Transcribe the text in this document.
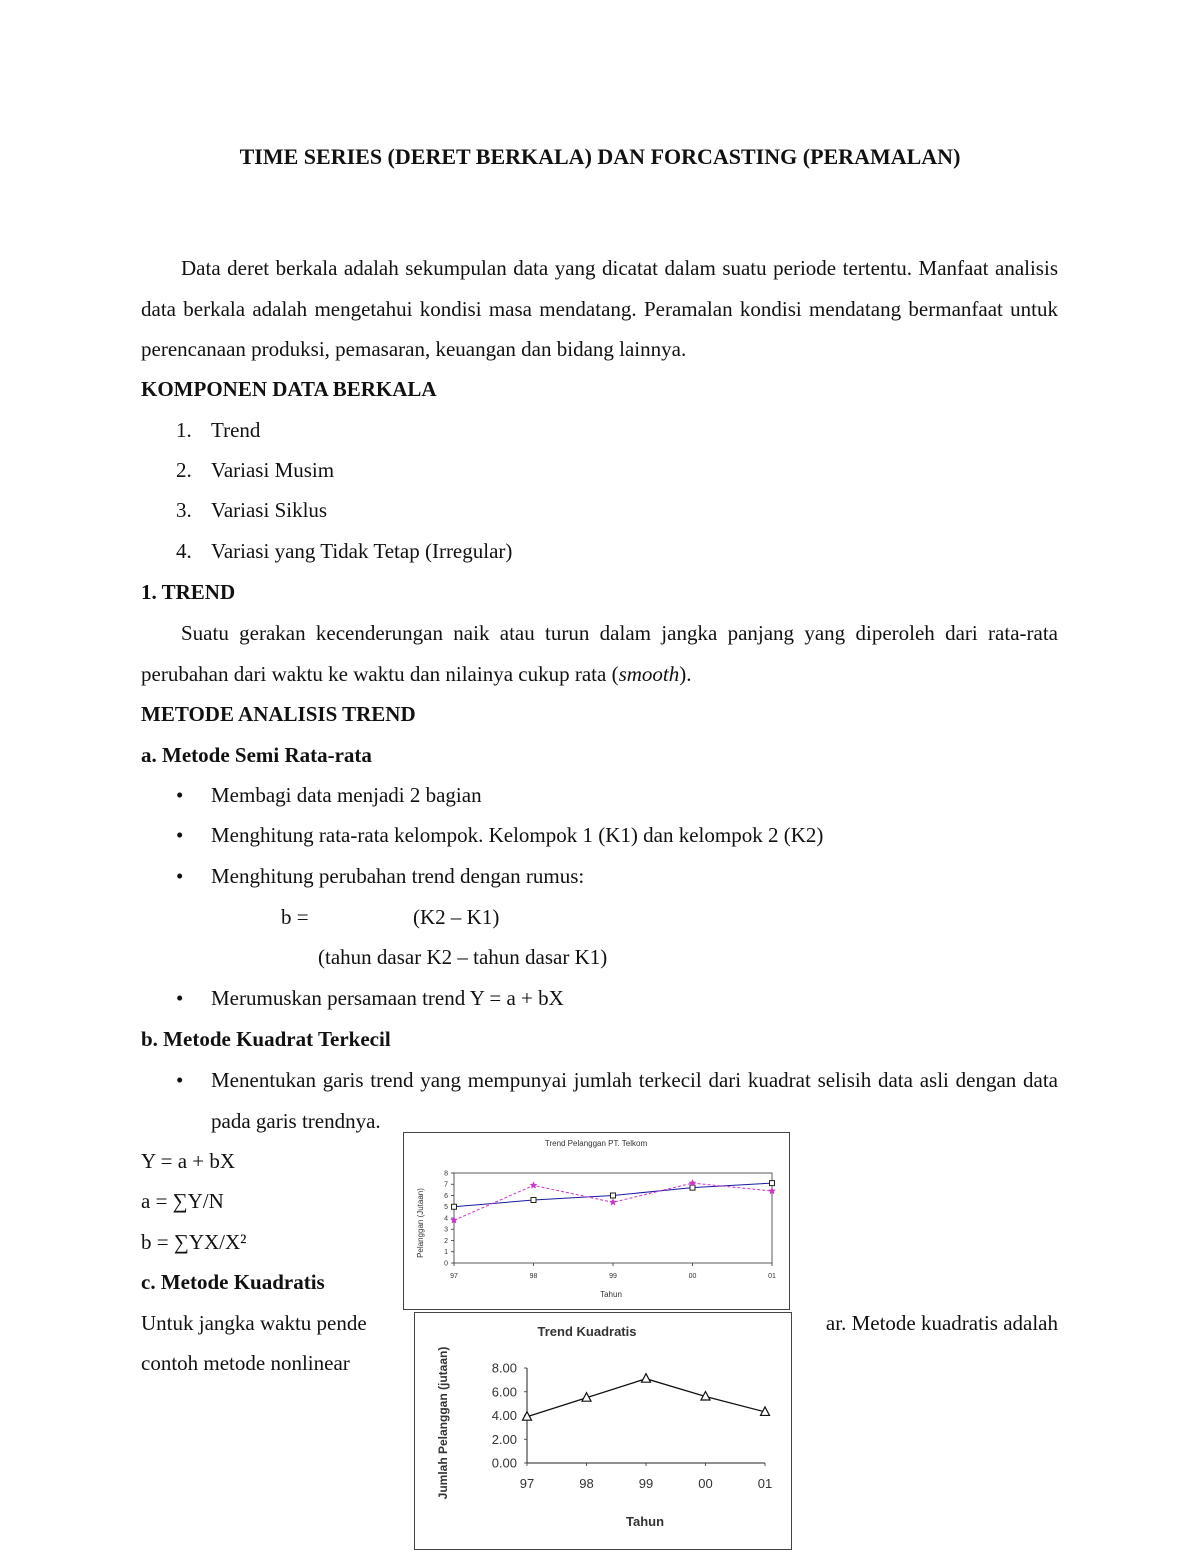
TIME SERIES (DERET BERKALA) DAN FORCASTING (PERAMALAN)
Data deret berkala adalah sekumpulan data yang dicatat dalam suatu periode tertentu. Manfaat analisis data berkala adalah mengetahui kondisi masa mendatang. Peramalan kondisi mendatang bermanfaat untuk perencanaan produksi, pemasaran, keuangan dan bidang lainnya.
KOMPONEN DATA BERKALA
1. Trend
2. Variasi Musim
3. Variasi Siklus
4. Variasi yang Tidak Tetap (Irregular)
1. TREND
Suatu gerakan kecenderungan naik atau turun dalam jangka panjang yang diperoleh dari rata-rata perubahan dari waktu ke waktu dan nilainya cukup rata (smooth).
METODE ANALISIS TREND
a. Metode Semi Rata-rata
• Membagi data menjadi 2 bagian
• Menghitung rata-rata kelompok. Kelompok 1 (K1) dan kelompok 2 (K2)
• Menghitung perubahan trend dengan rumus:
b =	(K2 – K1)
(tahun dasar K2 – tahun dasar K1)
• Merumuskan persamaan trend Y = a + bX
b. Metode Kuadrat Terkecil
• Menentukan garis trend yang mempunyai jumlah terkecil dari kuadrat selisih data asli dengan data pada garis trendnya.
Y = a + bX
a = ∑Y/N
b = ∑YX/X²
c. Metode Kuadratis
Untuk jangka waktu pende	ar. Metode kuadratis adalah
contoh metode nonlinear
Trend Pelanggan PT. Telkom
Tahun
Pelanggan (Jutaan)
0
1
2
3
4
5
6
7
8
97	98	99	00	01
Trend Kuadratis
Tahun
Jumlah Pelanggan (jutaan)	0.00
2.00
4.00
6.00
8.00
97	98	99	00	01
